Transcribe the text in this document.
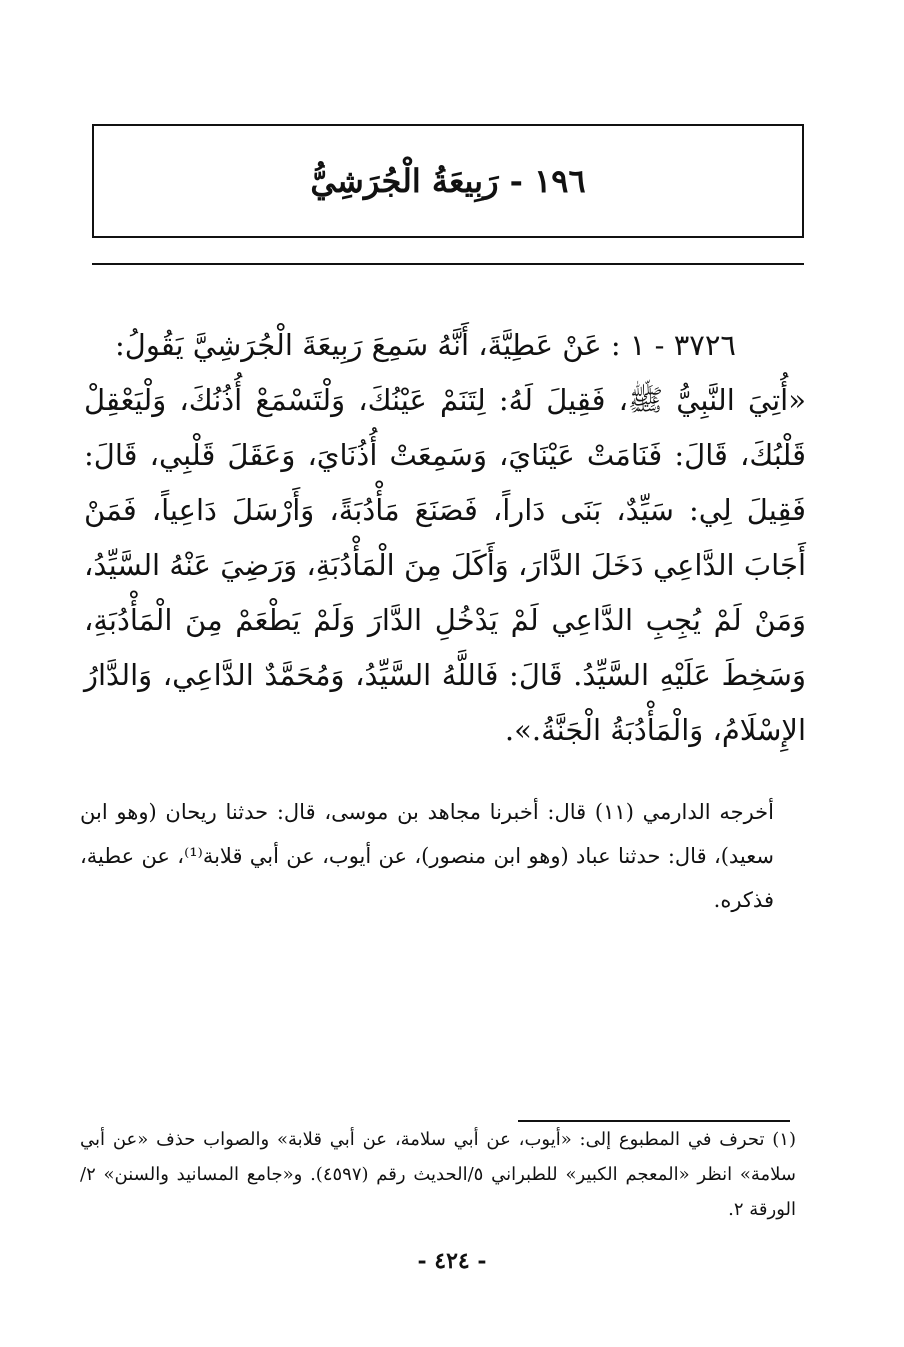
١٩٦ - رَبِيعَةُ الْجُرَشِيُّ

٣٧٢٦ - ١ : عَنْ عَطِيَّةَ، أَنَّهُ سَمِعَ رَبِيعَةَ الْجُرَشِيَّ يَقُولُ:

«أُتِيَ النَّبِيُّ ﷺ، فَقِيلَ لَهُ: لِتَنَمْ عَيْنُكَ، وَلْتَسْمَعْ أُذُنُكَ، وَلْيَعْقِلْ قَلْبُكَ، قَالَ: فَنَامَتْ عَيْنَايَ، وَسَمِعَتْ أُذُنَايَ، وَعَقَلَ قَلْبِي، قَالَ: فَقِيلَ لِي: سَيِّدٌ، بَنَى دَاراً، فَصَنَعَ مَأْدُبَةً، وَأَرْسَلَ دَاعِياً، فَمَنْ أَجَابَ الدَّاعِي دَخَلَ الدَّارَ، وَأَكَلَ مِنَ الْمَأْدُبَةِ، وَرَضِيَ عَنْهُ السَّيِّدُ، وَمَنْ لَمْ يُجِبِ الدَّاعِي لَمْ يَدْخُلِ الدَّارَ وَلَمْ يَطْعَمْ مِنَ الْمَأْدُبَةِ، وَسَخِطَ عَلَيْهِ السَّيِّدُ. قَالَ: فَاللَّهُ السَّيِّدُ، وَمُحَمَّدٌ الدَّاعِي، وَالدَّارُ الإِسْلَامُ، وَالْمَأْدُبَةُ الْجَنَّةُ.».

أخرجه الدارمي (١١) قال: أخبرنا مجاهد بن موسى، قال: حدثنا ريحان (وهو ابن سعيد)، قال: حدثنا عباد (وهو ابن منصور)، عن أيوب، عن أبي قلابة⁽¹⁾، عن عطية، فذكره.

(١) تحرف في المطبوع إلى: «أيوب، عن أبي سلامة، عن أبي قلابة» والصواب حذف «عن أبي سلامة» انظر «المعجم الكبير» للطبراني ٥/الحديث رقم (٤٥٩٧). و«جامع المسانيد والسنن» ٢/الورقة ٢.

- ٤٢٤ -
